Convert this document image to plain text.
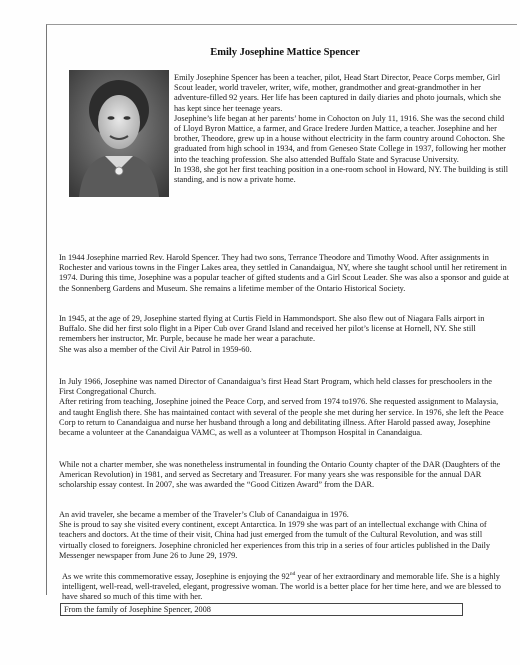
Emily Josephine Mattice Spencer
Emily Josephine Spencer has been a teacher, pilot, Head Start Director, Peace Corps member, Girl Scout leader, world traveler, writer, wife, mother, grandmother and great-grandmother in her adventure-filled 92 years. Her life has been captured in daily diaries and photo journals, which she has kept since her teenage years.
Josephine’s life began at her parents’ home in Cohocton on July 11, 1916. She was the second child of Lloyd Byron Mattice, a farmer, and Grace Iredere Jurden Mattice, a teacher. Josephine and her brother, Theodore, grew up in a house without electricity in the farm country around Cohocton. She graduated from high school in 1934, and from Geneseo State College in 1937, following her mother into the teaching profession. She also attended Buffalo State and Syracuse University.
In 1938, she got her first teaching position in a one-room school in Howard, NY. The building is still standing, and is now a private home.
In 1944 Josephine married Rev. Harold Spencer. They had two sons, Terrance Theodore and Timothy Wood. After assignments in Rochester and various towns in the Finger Lakes area, they settled in Canandaigua, NY, where she taught school until her retirement in 1974. During this time, Josephine was a popular teacher of gifted students and a Girl Scout Leader. She was also a sponsor and guide at the Sonnenberg Gardens and Museum. She remains a lifetime member of the Ontario Historical Society.
In 1945, at the age of 29, Josephine started flying at Curtis Field in Hammondsport. She also flew out of Niagara Falls airport in Buffalo. She did her first solo flight in a Piper Cub over Grand Island and received her pilot’s license at Hornell, NY. She still remembers her instructor, Mr. Purple, because he made her wear a parachute.
She was also a member of the Civil Air Patrol in 1959-60.
In July 1966, Josephine was named Director of Canandaigua’s first Head Start Program, which held classes for preschoolers in the First Congregational Church.
After retiring from teaching, Josephine joined the Peace Corp, and served from 1974 to1976. She requested assignment to Malaysia, and taught English there. She has maintained contact with several of the people she met during her service. In 1976, she left the Peace Corp to return to Canandaigua and nurse her husband through a long and debilitating illness. After Harold passed away, Josephine became a volunteer at the Canandaigua VAMC, as well as a volunteer at Thompson Hospital in Canandaigua.
While not a charter member, she was nonetheless instrumental in founding the Ontario County chapter of the DAR (Daughters of the American Revolution) in 1981, and served as Secretary and Treasurer. For many years she was responsible for the annual DAR scholarship essay contest. In 2007, she was awarded the “Good Citizen Award” from the DAR.
An avid traveler, she became a member of the Traveler’s Club of Canandaigua in 1976.
She is proud to say she visited every continent, except Antarctica. In 1979 she was part of an intellectual exchange with China of teachers and doctors. At the time of their visit, China had just emerged from the tumult of the Cultural Revolution, and was still virtually closed to foreigners. Josephine chronicled her experiences from this trip in a series of four articles published in the Daily Messenger newspaper from June 26 to June 29, 1979.
As we write this commemorative essay, Josephine is enjoying the 92nd year of her extraordinary and memorable life. She is a highly intelligent, well-read, well-traveled, elegant, progressive woman. The world is a better place for her time here, and we are blessed to have shared so much of this time with her.
From the family of Josephine Spencer, 2008
